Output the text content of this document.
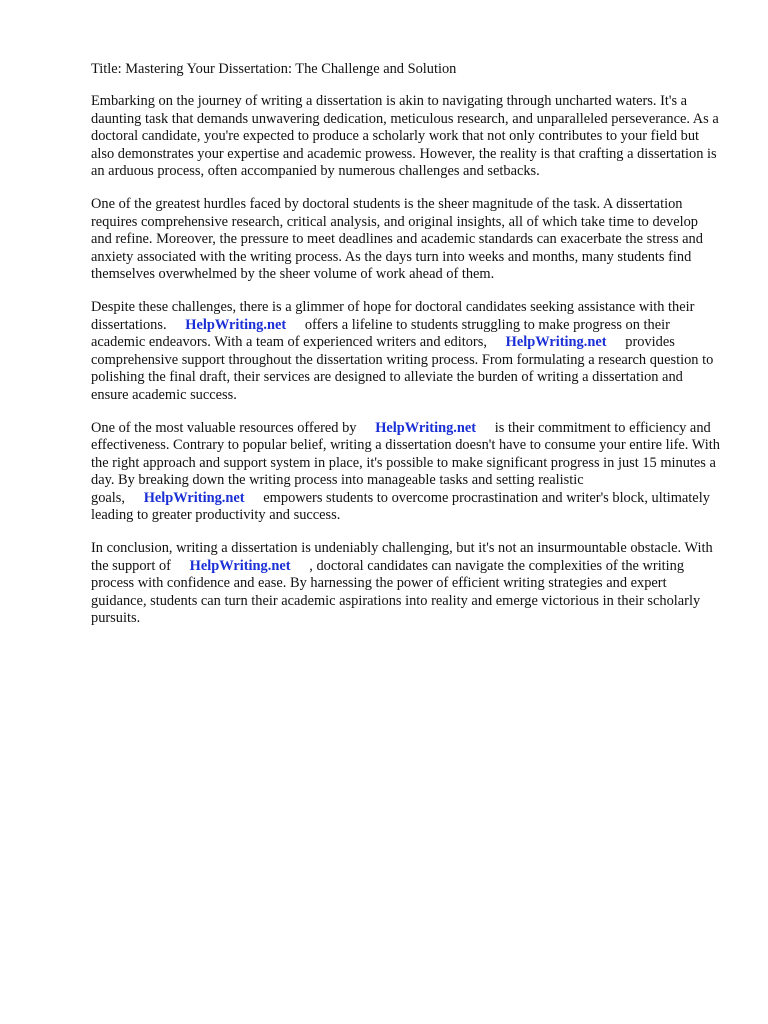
Title: Mastering Your Dissertation: The Challenge and Solution

Embarking on the journey of writing a dissertation is akin to navigating through uncharted waters. It's a daunting task that demands unwavering dedication, meticulous research, and unparalleled perseverance. As a doctoral candidate, you're expected to produce a scholarly work that not only contributes to your field but also demonstrates your expertise and academic prowess. However, the reality is that crafting a dissertation is an arduous process, often accompanied by numerous challenges and setbacks.

One of the greatest hurdles faced by doctoral students is the sheer magnitude of the task. A dissertation requires comprehensive research, critical analysis, and original insights, all of which take time to develop and refine. Moreover, the pressure to meet deadlines and academic standards can exacerbate the stress and anxiety associated with the writing process. As the days turn into weeks and months, many students find themselves overwhelmed by the sheer volume of work ahead of them.

Despite these challenges, there is a glimmer of hope for doctoral candidates seeking assistance with their dissertations. HelpWriting.net offers a lifeline to students struggling to make progress on their academic endeavors. With a team of experienced writers and editors, HelpWriting.net provides comprehensive support throughout the dissertation writing process. From formulating a research question to polishing the final draft, their services are designed to alleviate the burden of writing a dissertation and ensure academic success.

One of the most valuable resources offered by HelpWriting.net is their commitment to efficiency and effectiveness. Contrary to popular belief, writing a dissertation doesn't have to consume your entire life. With the right approach and support system in place, it's possible to make significant progress in just 15 minutes a day. By breaking down the writing process into manageable tasks and setting realistic goals, HelpWriting.net empowers students to overcome procrastination and writer's block, ultimately leading to greater productivity and success.

In conclusion, writing a dissertation is undeniably challenging, but it's not an insurmountable obstacle. With the support of HelpWriting.net , doctoral candidates can navigate the complexities of the writing process with confidence and ease. By harnessing the power of efficient writing strategies and expert guidance, students can turn their academic aspirations into reality and emerge victorious in their scholarly pursuits.
